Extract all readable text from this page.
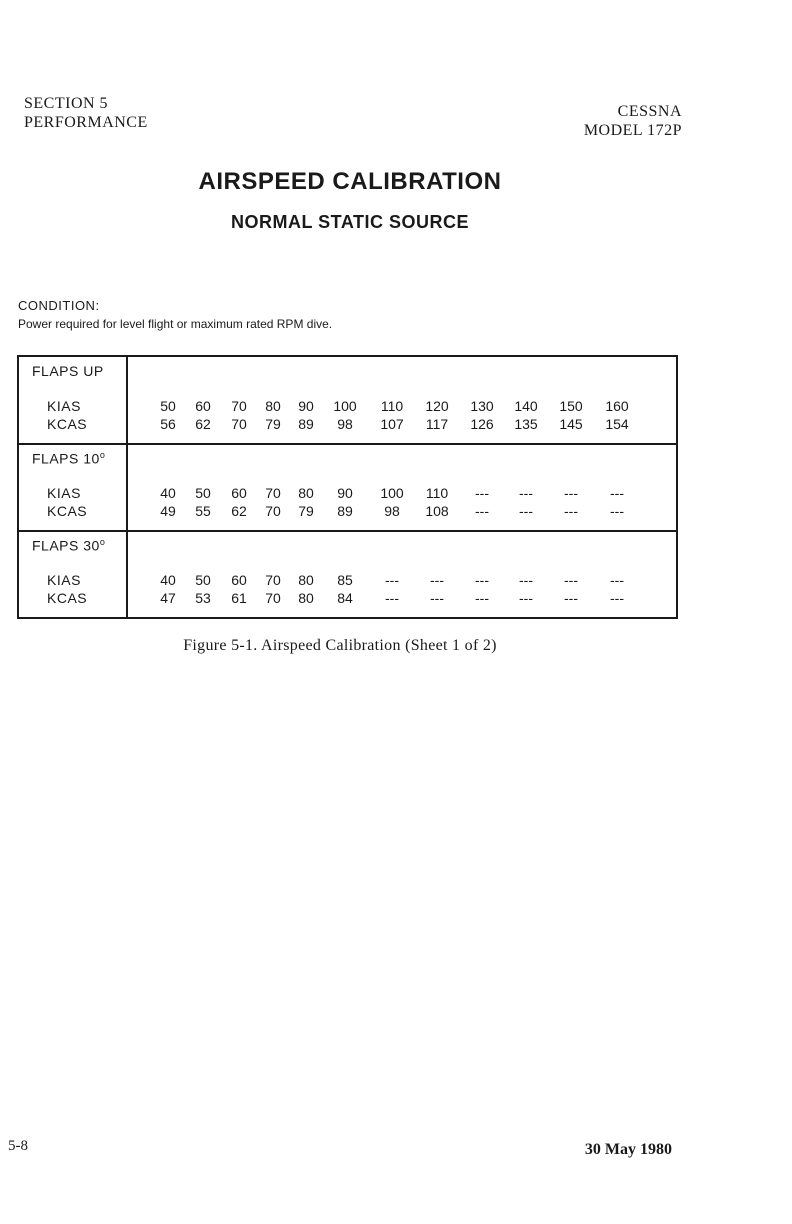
SECTION 5
PERFORMANCE
CESSNA
MODEL 172P
AIRSPEED CALIBRATION
NORMAL STATIC SOURCE
CONDITION:
Power required for level flight or maximum rated RPM dive.
FLAPS UP
KIAS	50	60	70	80	90	100	110	120	130	140	150	160
KCAS	56	62	70	79	89	98	107	117	126	135	145	154
FLAPS 10$^o$
KIAS	40	50	60	70	80	90	100	110	---	---	---	---
KCAS	49	55	62	70	79	89	98	108	---	---	---	---
FLAPS 30$^o$
KIAS	40	50	60	70	80	85	---	---	---	---	---	---
KCAS	47	53	61	70	80	84	---	---	---	---	---	---
Figure 5-1. Airspeed Calibration (Sheet 1 of 2)
5-8	30 May 1980
